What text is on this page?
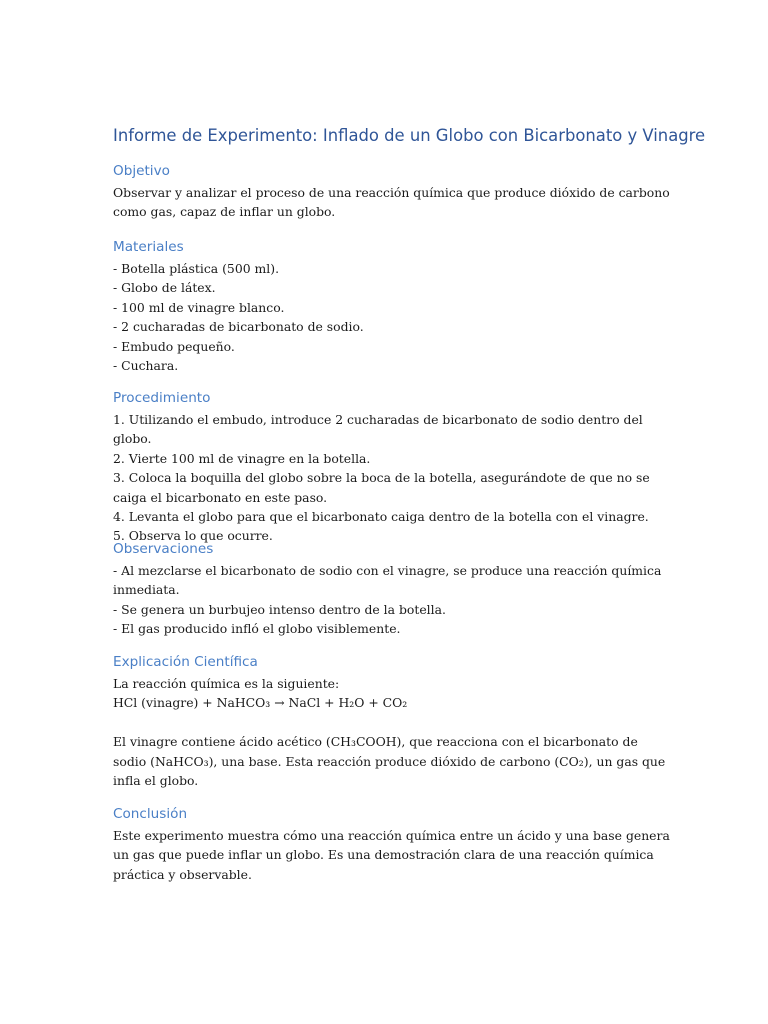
Informe de Experimento: Inflado de un Globo con Bicarbonato y Vinagre
Objetivo

Observar y analizar el proceso de una reacción química que produce dióxido de carbono como gas, capaz de inflar un globo.

Materiales
- Botella plástica (500 ml).
- Globo de látex.
- 100 ml de vinagre blanco.
- 2 cucharadas de bicarbonato de sodio.
- Embudo pequeño.
- Cuchara.
Procedimiento

1. Utilizando el embudo, introduce 2 cucharadas de bicarbonato de sodio dentro del globo.

2. Vierte 100 ml de vinagre en la botella.

3. Coloca la boquilla del globo sobre la boca de la botella, asegurándote de que no se caiga el bicarbonato en este paso.

4. Levanta el globo para que el bicarbonato caiga dentro de la botella con el vinagre.

5. Observa lo que ocurre.

Observaciones

- Al mezclarse el bicarbonato de sodio con el vinagre, se produce una reacción química inmediata.

- Se genera un burbujeo intenso dentro de la botella.

- El gas producido infló el globo visiblemente.

Explicación Científica

La reacción química es la siguiente:

HCl (vinagre) + NaHCO₃ → NaCl + H₂O + CO₂

El vinagre contiene ácido acético (CH₃COOH), que reacciona con el bicarbonato de sodio (NaHCO₃), una base. Esta reacción produce dióxido de carbono (CO₂), un gas que infla el globo.

Conclusión

Este experimento muestra cómo una reacción química entre un ácido y una base genera un gas que puede inflar un globo. Es una demostración clara de una reacción química práctica y observable.
